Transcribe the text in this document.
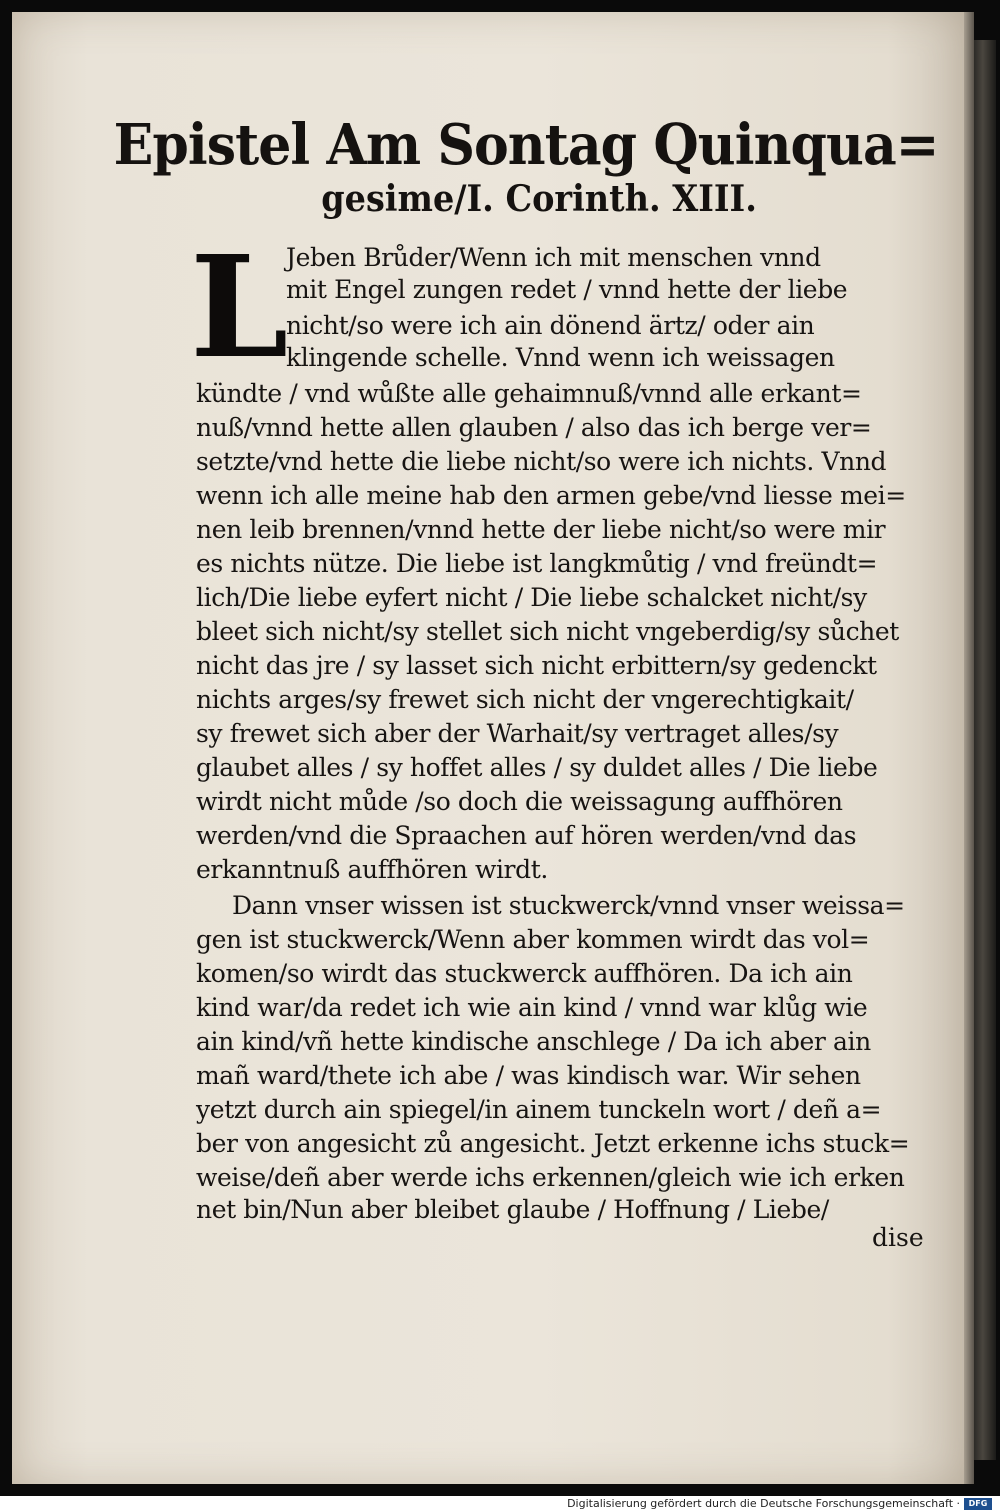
Epistel Am Sontag Quinqua=
gesime/I. Corinth. XIII.
L
Jeben Brůder/Wenn ich mit menschen vnnd
mit Engel zungen redet / vnnd hette der liebe
nicht/so were ich ain dönend ärtz/ oder ain
klingende schelle. Vnnd wenn ich weissagen
kündte / vnd wůßte alle gehaimnuß/vnnd alle erkant=
nuß/vnnd hette allen glauben / also das ich berge ver=
setzte/vnd hette die liebe nicht/so were ich nichts. Vnnd
wenn ich alle meine hab den armen gebe/vnd liesse mei=
nen leib brennen/vnnd hette der liebe nicht/so were mir
es nichts nütze. Die liebe ist langkmůtig / vnd freündt=
lich/Die liebe eyfert nicht / Die liebe schalcket nicht/sy
bleet sich nicht/sy stellet sich nicht vngeberdig/sy sůchet
nicht das jre / sy lasset sich nicht erbittern/sy gedenckt
nichts arges/sy frewet sich nicht der vngerechtigkait/
sy frewet sich aber der Warhait/sy vertraget alles/sy
glaubet alles / sy hoffet alles / sy duldet alles / Die liebe
wirdt nicht můde /so doch die weissagung auffhören
werden/vnd die Spraachen auf hören werden/vnd das
erkanntnuß auffhören wirdt.
Dann vnser wissen ist stuckwerck/vnnd vnser weissa=
gen ist stuckwerck/Wenn aber kommen wirdt das vol=
komen/so wirdt das stuckwerck auffhören. Da ich ain
kind war/da redet ich wie ain kind / vnnd war klůg wie
ain kind/vñ hette kindische anschlege / Da ich aber ain
mañ ward/thete ich abe / was kindisch war. Wir sehen
yetzt durch ain spiegel/in ainem tunckeln wort / deñ a=
ber von angesicht zů angesicht. Jetzt erkenne ichs stuck=
weise/deñ aber werde ichs erkennen/gleich wie ich erken
net bin/Nun aber bleibet glaube / Hoffnung / Liebe/
dise
Digitalisierung gefördert durch die Deutsche Forschungsgemeinschaft ·	DFG
